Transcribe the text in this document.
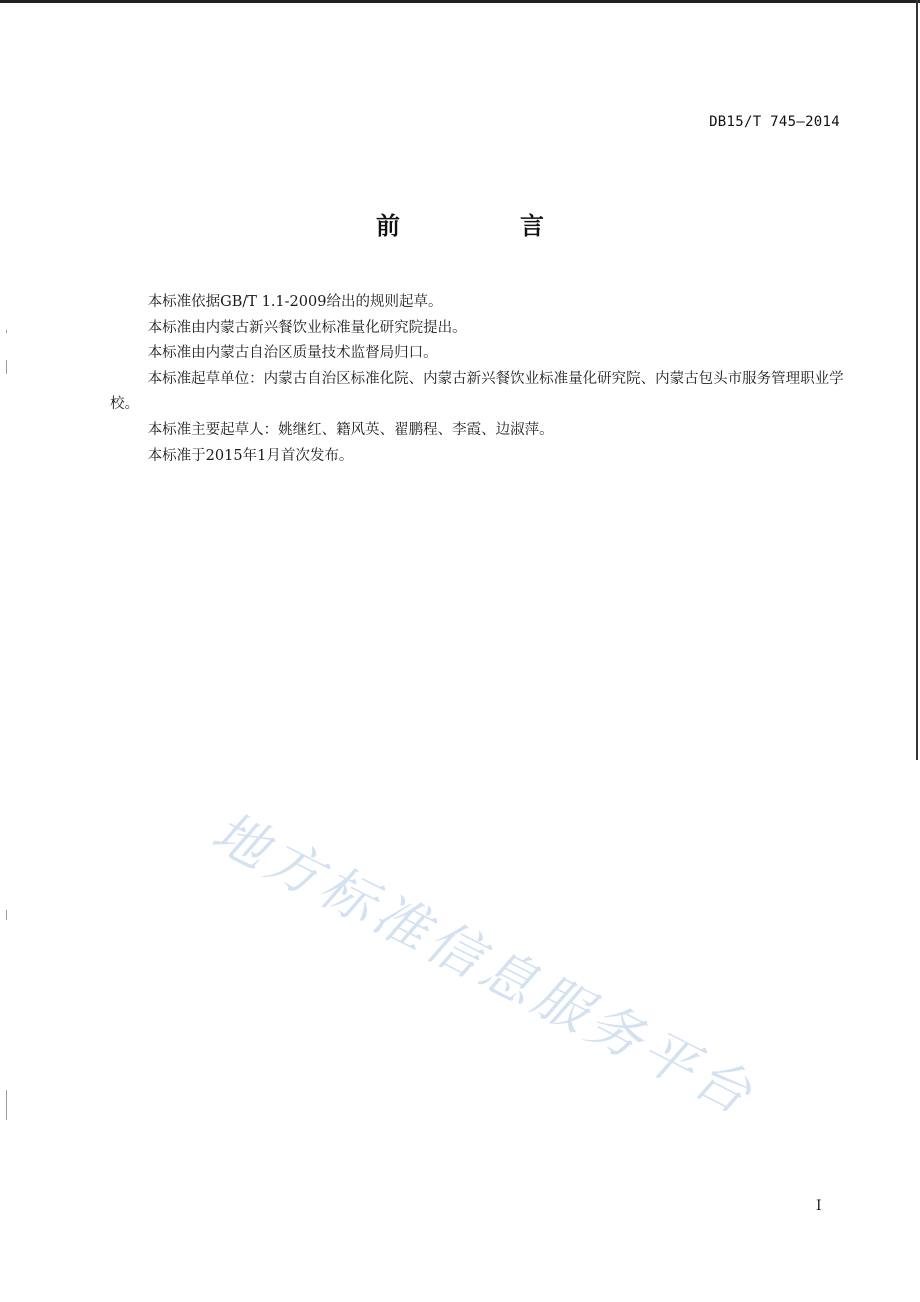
DB15/T 745—2014
前　言

本标准依据GB/T 1.1-2009给出的规则起草。

本标准由内蒙古新兴餐饮业标准量化研究院提出。

本标准由内蒙古自治区质量技术监督局归口。

本标准起草单位：内蒙古自治区标准化院、内蒙古新兴餐饮业标准量化研究院、内蒙古包头市服务管理职业学校。

本标准主要起草人：姚继红、籍风英、翟鹏程、李霞、边淑萍。

本标准于2015年1月首次发布。

地方标准信息服务平台
I
